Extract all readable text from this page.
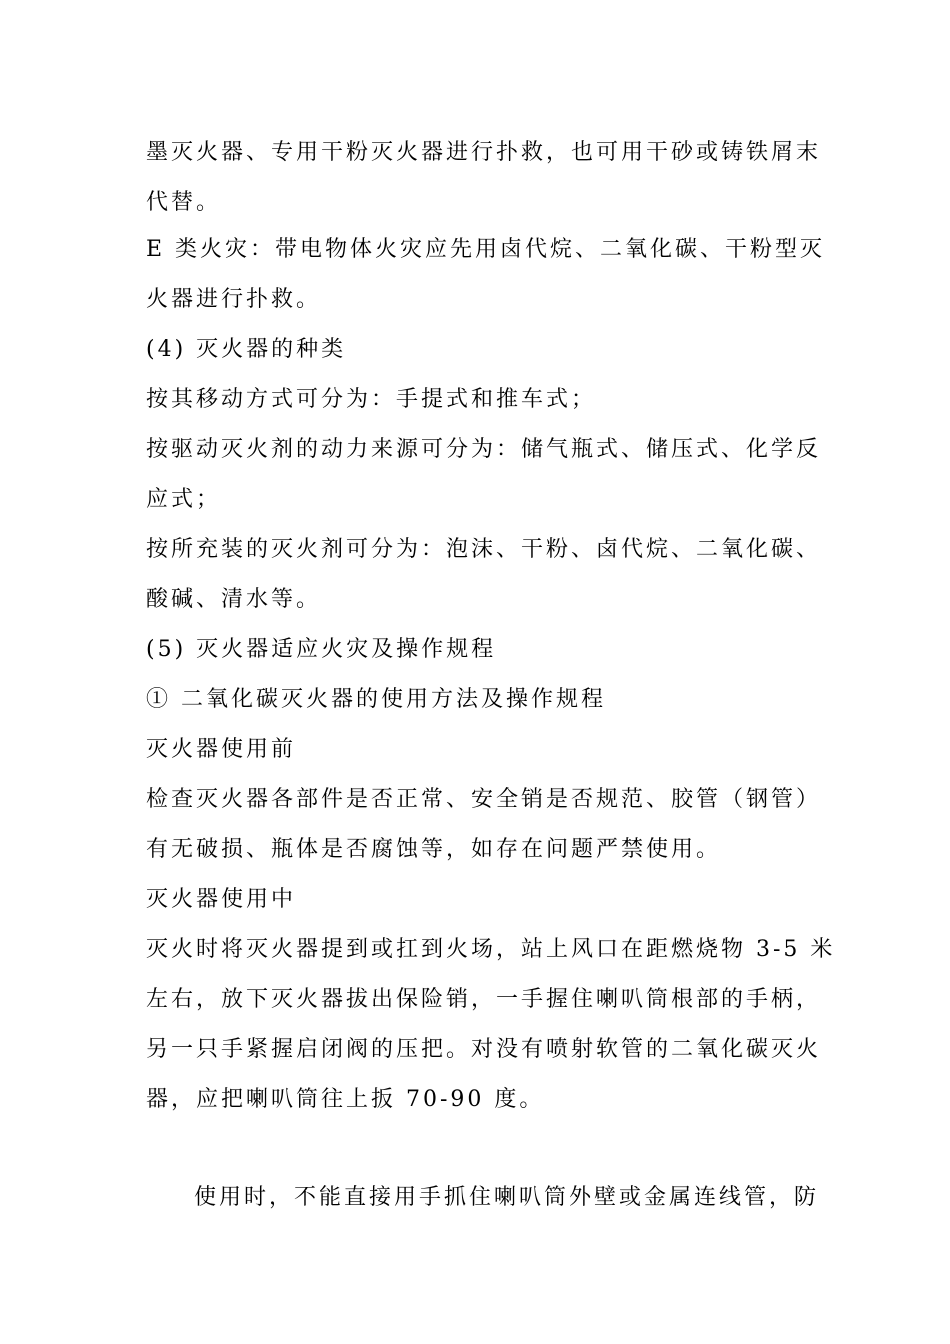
墨灭火器、专用干粉灭火器进行扑救，也可用干砂或铸铁屑末
代替。
E 类火灾：带电物体火灾应先用卤代烷、二氧化碳、干粉型灭
火器进行扑救。
(4) 灭火器的种类
按其移动方式可分为：手提式和推车式；
按驱动灭火剂的动力来源可分为：储气瓶式、储压式、化学反
应式；
按所充装的灭火剂可分为：泡沫、干粉、卤代烷、二氧化碳、
酸碱、清水等。
(5) 灭火器适应火灾及操作规程
① 二氧化碳灭火器的使用方法及操作规程
灭火器使用前
检查灭火器各部件是否正常、安全销是否规范、胶管（钢管）
有无破损、瓶体是否腐蚀等，如存在问题严禁使用。
灭火器使用中
灭火时将灭火器提到或扛到火场，站上风口在距燃烧物 3-5 米
左右，放下灭火器拔出保险销，一手握住喇叭筒根部的手柄，
另一只手紧握启闭阀的压把。对没有喷射软管的二氧化碳灭火
器，应把喇叭筒往上扳 70-90 度。
使用时，不能直接用手抓住喇叭筒外壁或金属连线管，防
